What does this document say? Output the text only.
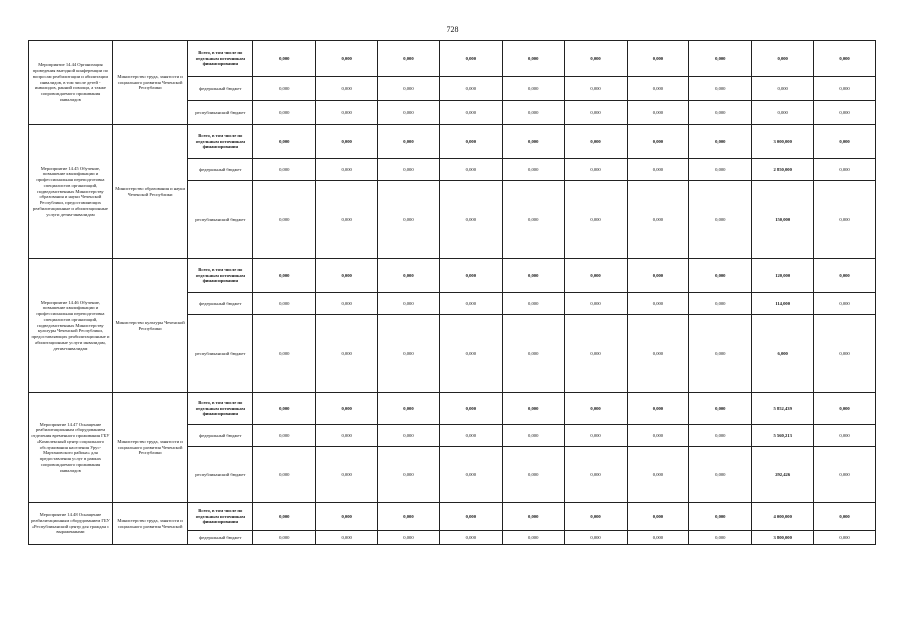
728
Мероприятие 14.44 Организация проведения выездной конференции по вопросам реабилитации и абилитации инвалидов, в том числе детей - инвалидов, ранний помощи, а также сопровождаемого проживания инвалидов	Министерство труда, занятости и социального развития Чеченской Республики	Всего, в том числе по отдельным источникам финансирования	0,000	0,000	0,000	0,000	0,000	0,000	0,000	0,000	0,000	0,000
		федеральный бюджет	0,000	0,000	0,000	0,000	0,000	0,000	0,000	0,000	0,000	0,000
		республиканский бюджет	0,000	0,000	0,000	0,000	0,000	0,000	0,000	0,000	0,000	0,000
Мероприятие 14.45 Обучение, повышение квалификации и профессиональная переподготовка специалистов организаций, подведомственных Министерству образования и науки Чеченской Республики, предоставляющих реабилитационные и абилитационные услуги детям-инвалидам	Министерство образования и науки Чеченской Республики	Всего, в том числе по отдельным источникам финансирования	0,000	0,000	0,000	0,000	0,000	0,000	0,000	0,000	3 000,000	0,000
		федеральный бюджет	0,000	0,000	0,000	0,000	0,000	0,000	0,000	0,000	2 850,000	0,000
		республиканский бюджет	0,000	0,000	0,000	0,000	0,000	0,000	0,000	0,000	150,000	0,000
Мероприятие 14.46 Обучение, повышение квалификации и профессиональная переподготовка специалистов организаций, подведомственных Министерству культуры Чеченской Республики, предоставляющих реабилитационные и абилитационные услуги инвалидам, детям-инвалидам	Министерство культуры Чеченской Республики	Всего, в том числе по отдельным источникам финансирования	0,000	0,000	0,000	0,000	0,000	0,000	0,000	0,000	120,000	0,000
		федеральный бюджет	0,000	0,000	0,000	0,000	0,000	0,000	0,000	0,000	114,000	0,000
		республиканский бюджет	0,000	0,000	0,000	0,000	0,000	0,000	0,000	0,000	6,000	0,000
Мероприятие 14.47 Оснащение реабилитационным оборудованием отделения временного проживания ГБУ «Комплексный центр социального обслуживания населения Урус-Мартановского района» для предоставления услуг в рамках сопровождаемого проживания инвалидов	Министерство труда, занятости и социального развития Чеченской Республики	Всего, в том числе по отдельным источникам финансирования	0,000	0,000	0,000	0,000	0,000	0,000	0,000	0,000	5 852,439	0,000
		федеральный бюджет	0,000	0,000	0,000	0,000	0,000	0,000	0,000	0,000	5 560,213	0,000
		республиканский бюджет	0,000	0,000	0,000	0,000	0,000	0,000	0,000	0,000	292,426	0,000
Мероприятие 14.48 Оснащение реабилитационным оборудованием ГБУ «Республиканский центр для граждан с выраженными	Министерство труда, занятости и социального развития Чеченской	Всего, в том числе по отдельным источникам финансирования	0,000	0,000	0,000	0,000	0,000	0,000	0,000	0,000	4 000,000	0,000
		федеральный бюджет	0,000	0,000	0,000	0,000	0,000	0,000	0,000	0,000	3 800,000	0,000
